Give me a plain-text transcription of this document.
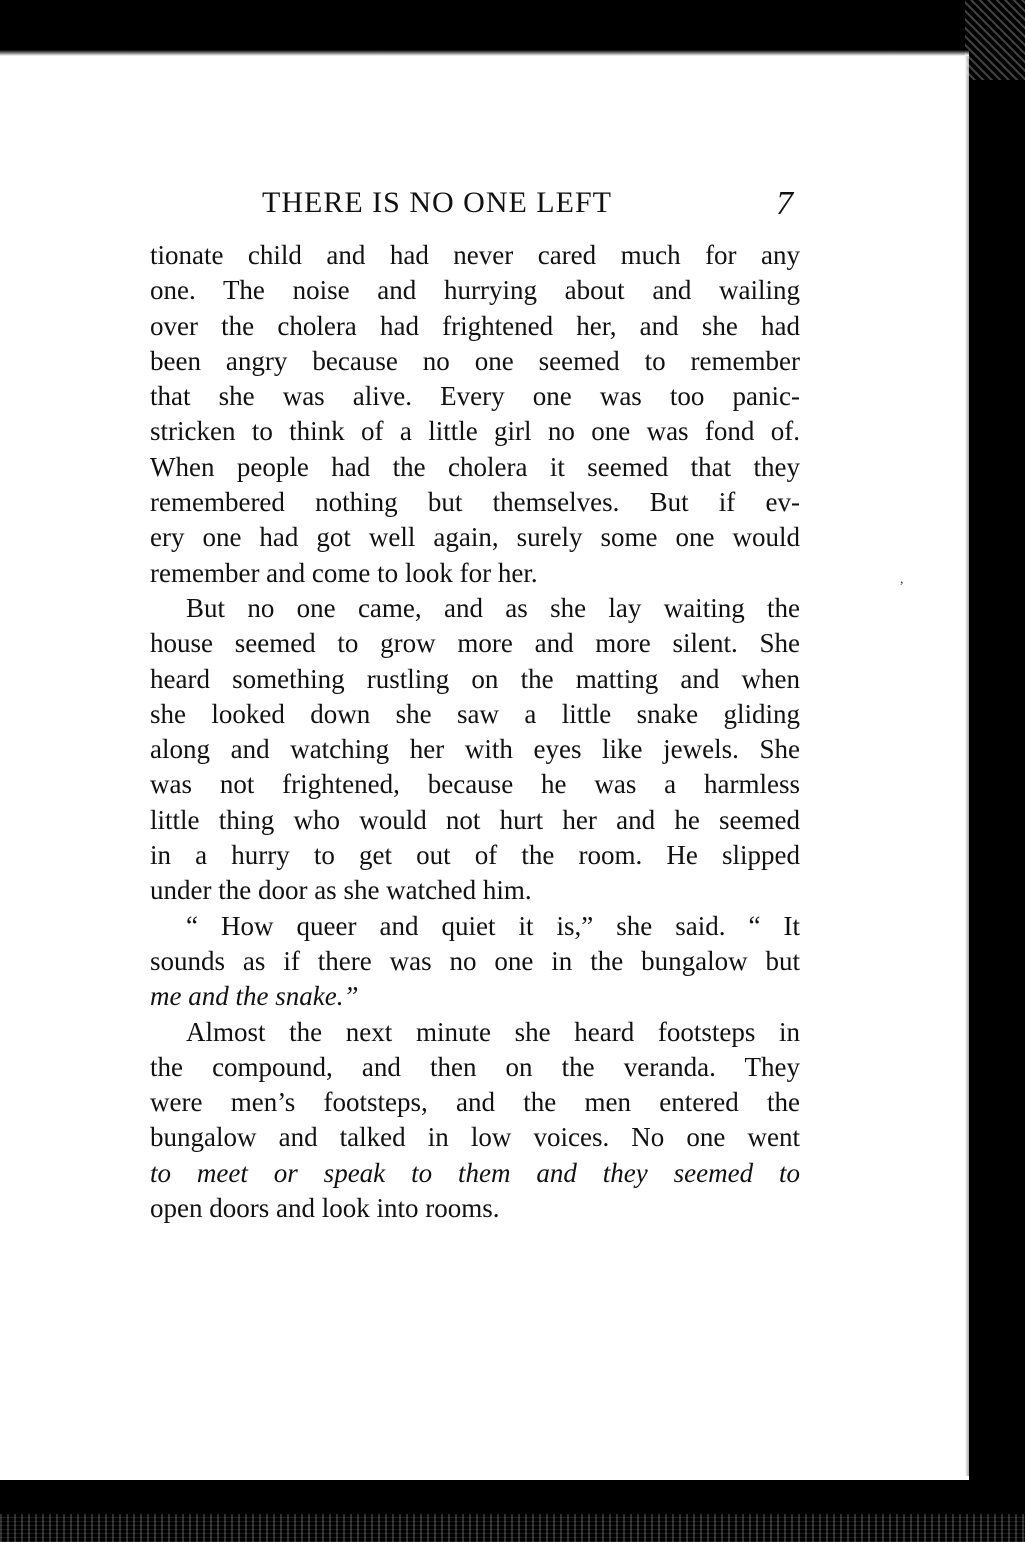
THERE IS NO ONE LEFT	7
tionate child and had never cared much for any
one. The noise and hurrying about and wailing
over the cholera had frightened her, and she had
been angry because no one seemed to remember
that she was alive. Every one was too panic-
stricken to think of a little girl no one was fond of.
When people had the cholera it seemed that they
remembered nothing but themselves. But if ev-
ery one had got well again, surely some one would
remember and come to look for her.
But no one came, and as she lay waiting the
house seemed to grow more and more silent. She
heard something rustling on the matting and when
she looked down she saw a little snake gliding
along and watching her with eyes like jewels. She
was not frightened, because he was a harmless
little thing who would not hurt her and he seemed
in a hurry to get out of the room. He slipped
under the door as she watched him.
“ How queer and quiet it is,” she said. “ It
sounds as if there was no one in the bungalow but
me and the snake.”
Almost the next minute she heard footsteps in
the compound, and then on the veranda. They
were men’s footsteps, and the men entered the
bungalow and talked in low voices. No one went
to meet or speak to them and they seemed to
open doors and look into rooms.
,
